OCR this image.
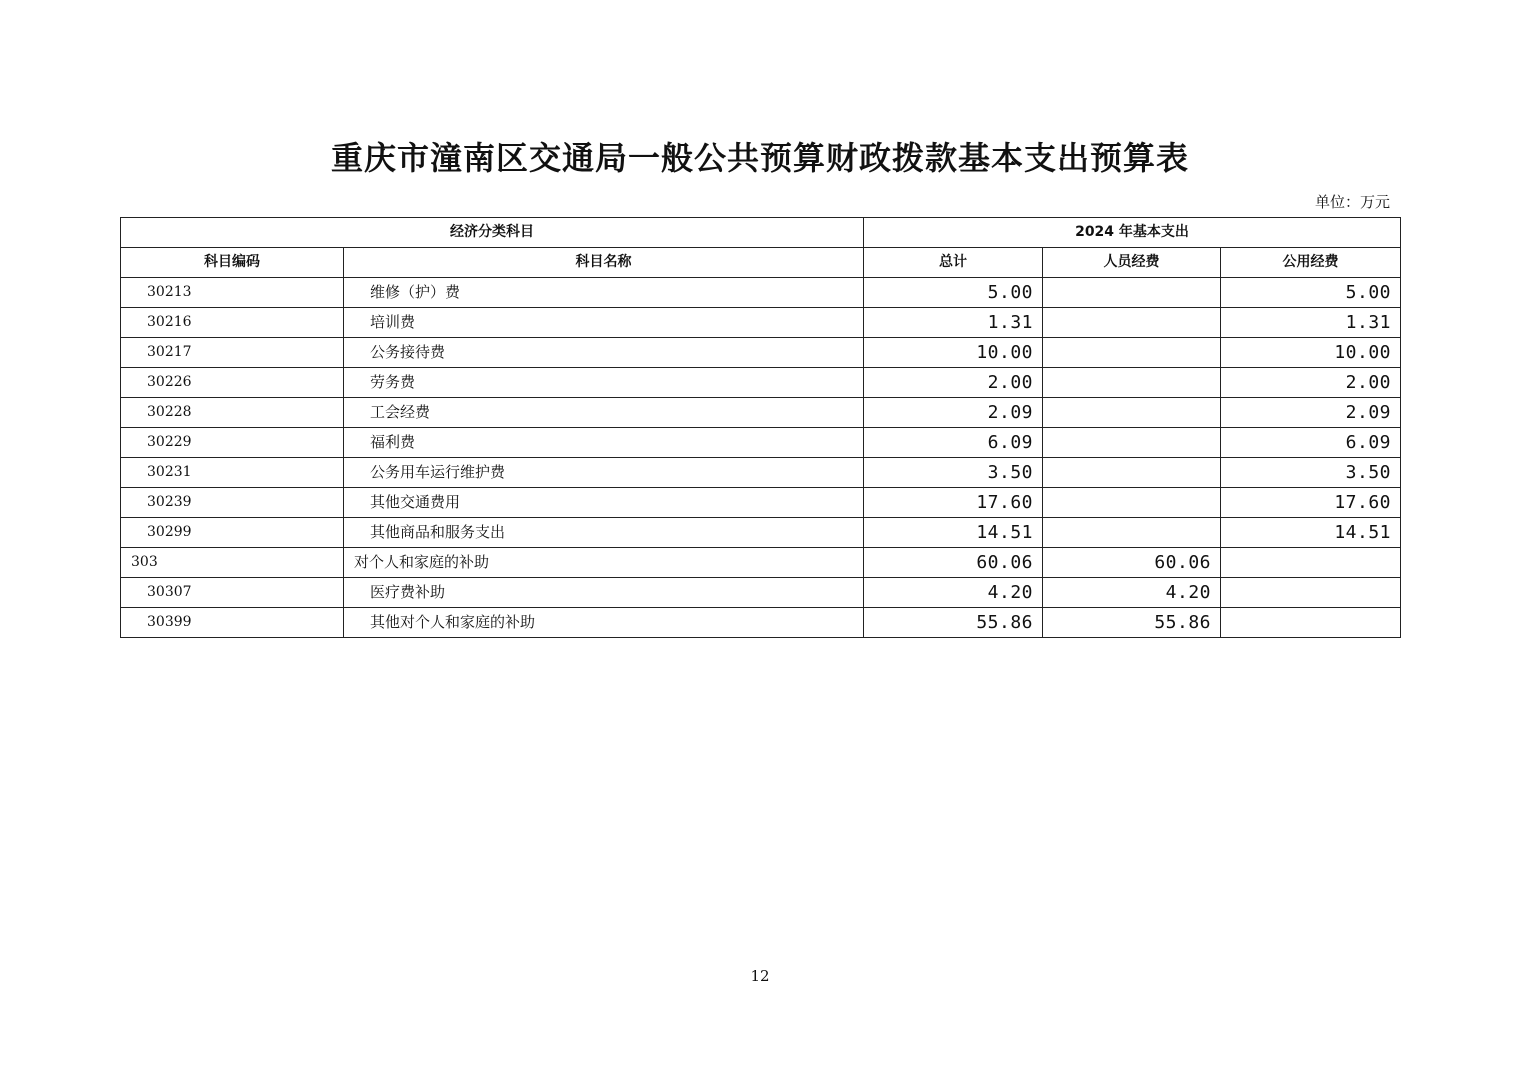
重庆市潼南区交通局一般公共预算财政拨款基本支出预算表
单位：万元
经济分类科目		2024 年基本支出		
科目编码	科目名称	总计	人员经费	公用经费
30213	维修（护）费	5.00		5.00
30216	培训费	1.31		1.31
30217	公务接待费	10.00		10.00
30226	劳务费	2.00		2.00
30228	工会经费	2.09		2.09
30229	福利费	6.09		6.09
30231	公务用车运行维护费	3.50		3.50
30239	其他交通费用	17.60		17.60
30299	其他商品和服务支出	14.51		14.51
303	对个人和家庭的补助	60.06	60.06	
30307	医疗费补助	4.20	4.20	
30399	其他对个人和家庭的补助	55.86	55.86	
12
